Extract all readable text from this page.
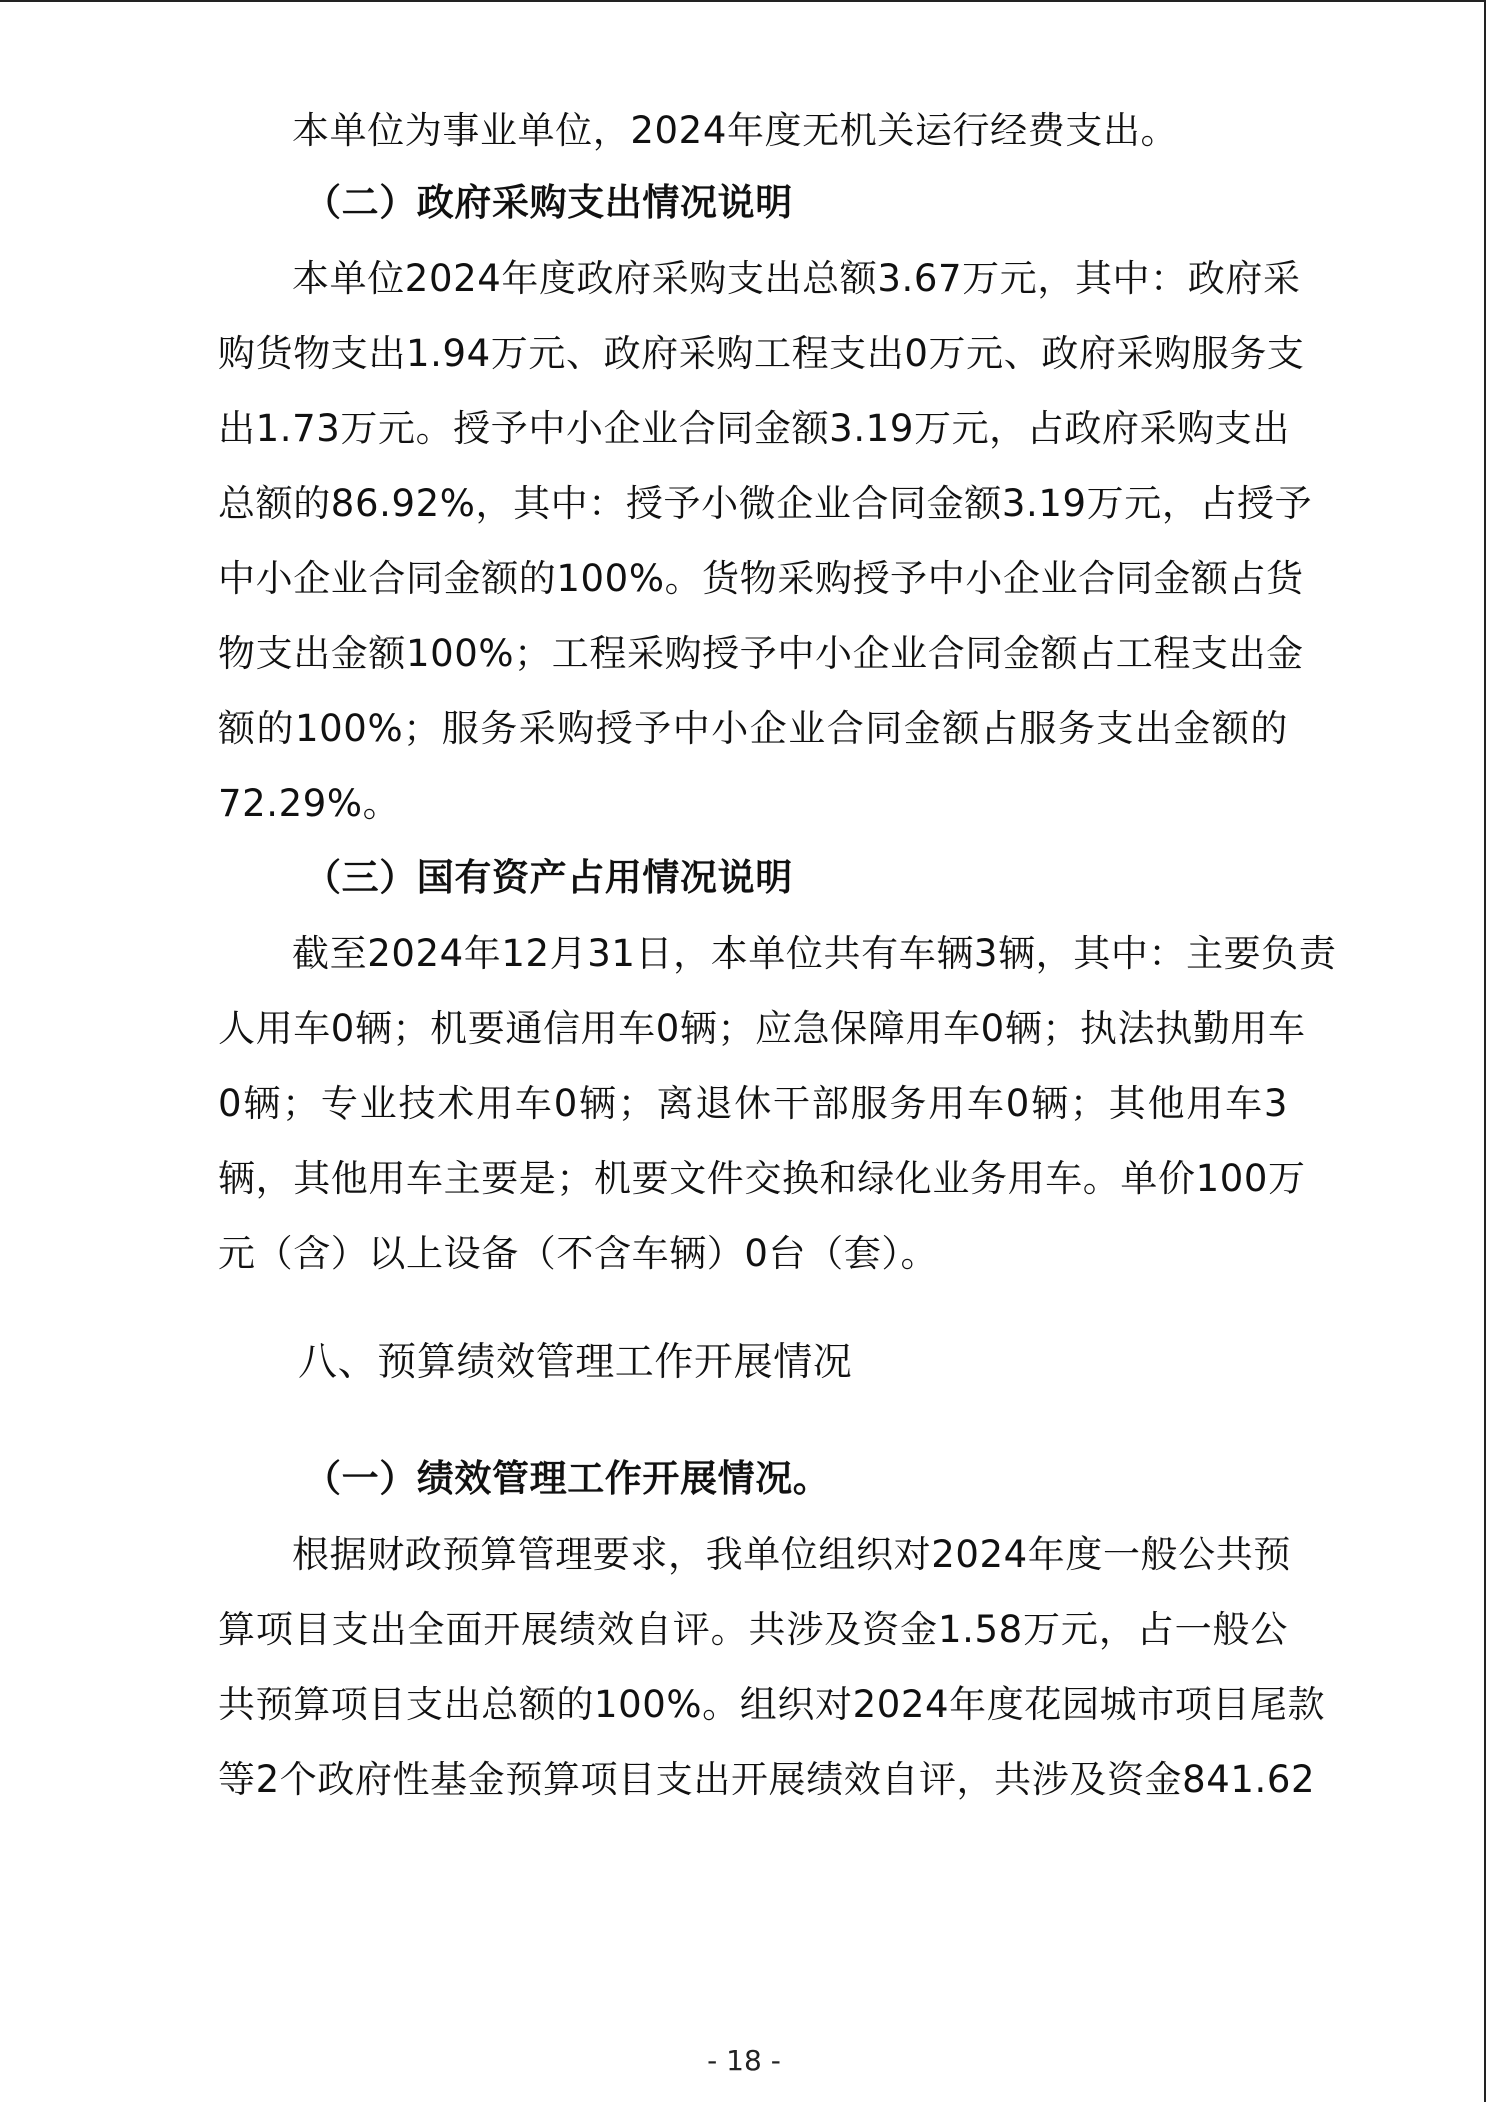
本单位为事业单位，2024年度无机关运行经费支出。
（二）政府采购支出情况说明
本单位2024年度政府采购支出总额3.67万元，其中：政府采
购货物支出1.94万元、政府采购工程支出0万元、政府采购服务支
出1.73万元。授予中小企业合同金额3.19万元，占政府采购支出
总额的86.92%，其中：授予小微企业合同金额3.19万元，占授予
中小企业合同金额的100%。货物采购授予中小企业合同金额占货
物支出金额100%；工程采购授予中小企业合同金额占工程支出金
额的100%；服务采购授予中小企业合同金额占服务支出金额的
72.29%。
（三）国有资产占用情况说明
截至2024年12月31日，本单位共有车辆3辆，其中：主要负责
人用车0辆；机要通信用车0辆；应急保障用车0辆；执法执勤用车
0辆；专业技术用车0辆；离退休干部服务用车0辆；其他用车3
辆，其他用车主要是；机要文件交换和绿化业务用车。单价100万
元（含）以上设备（不含车辆）0台（套）。
八、预算绩效管理工作开展情况
（一）绩效管理工作开展情况。
根据财政预算管理要求，我单位组织对2024年度一般公共预
算项目支出全面开展绩效自评。共涉及资金1.58万元，占一般公
共预算项目支出总额的100%。组织对2024年度花园城市项目尾款
等2个政府性基金预算项目支出开展绩效自评，共涉及资金841.62
- 18 -
